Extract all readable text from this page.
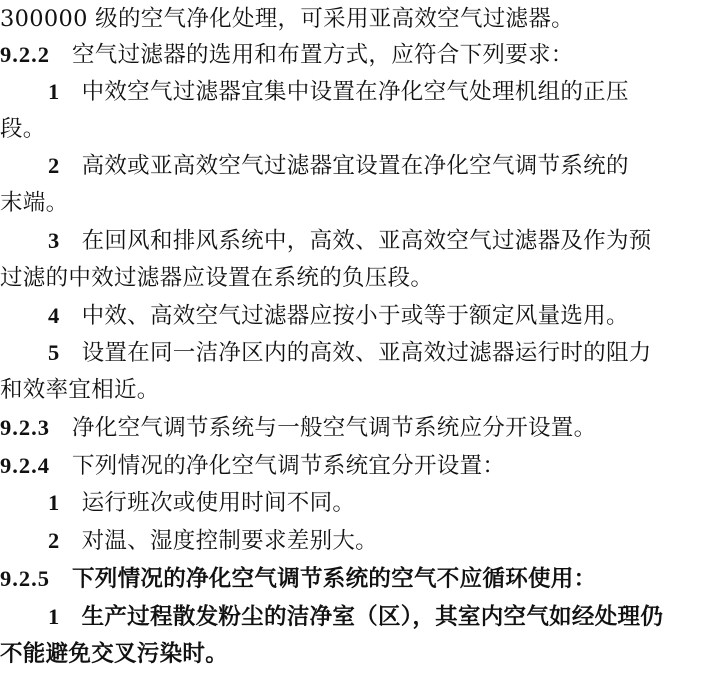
300000 级的空气净化处理，可采用亚高效空气过滤器。
9.2.2 空气过滤器的选用和布置方式，应符合下列要求：
1 中效空气过滤器宜集中设置在净化空气处理机组的正压
段。
2 高效或亚高效空气过滤器宜设置在净化空气调节系统的
末端。
3 在回风和排风系统中，高效、亚高效空气过滤器及作为预
过滤的中效过滤器应设置在系统的负压段。
4 中效、高效空气过滤器应按小于或等于额定风量选用。
5 设置在同一洁净区内的高效、亚高效过滤器运行时的阻力
和效率宜相近。
9.2.3 净化空气调节系统与一般空气调节系统应分开设置。
9.2.4 下列情况的净化空气调节系统宜分开设置：
1 运行班次或使用时间不同。
2 对温、湿度控制要求差别大。
9.2.5 下列情况的净化空气调节系统的空气不应循环使用：
1 生产过程散发粉尘的洁净室（区），其室内空气如经处理仍
不能避免交叉污染时。
